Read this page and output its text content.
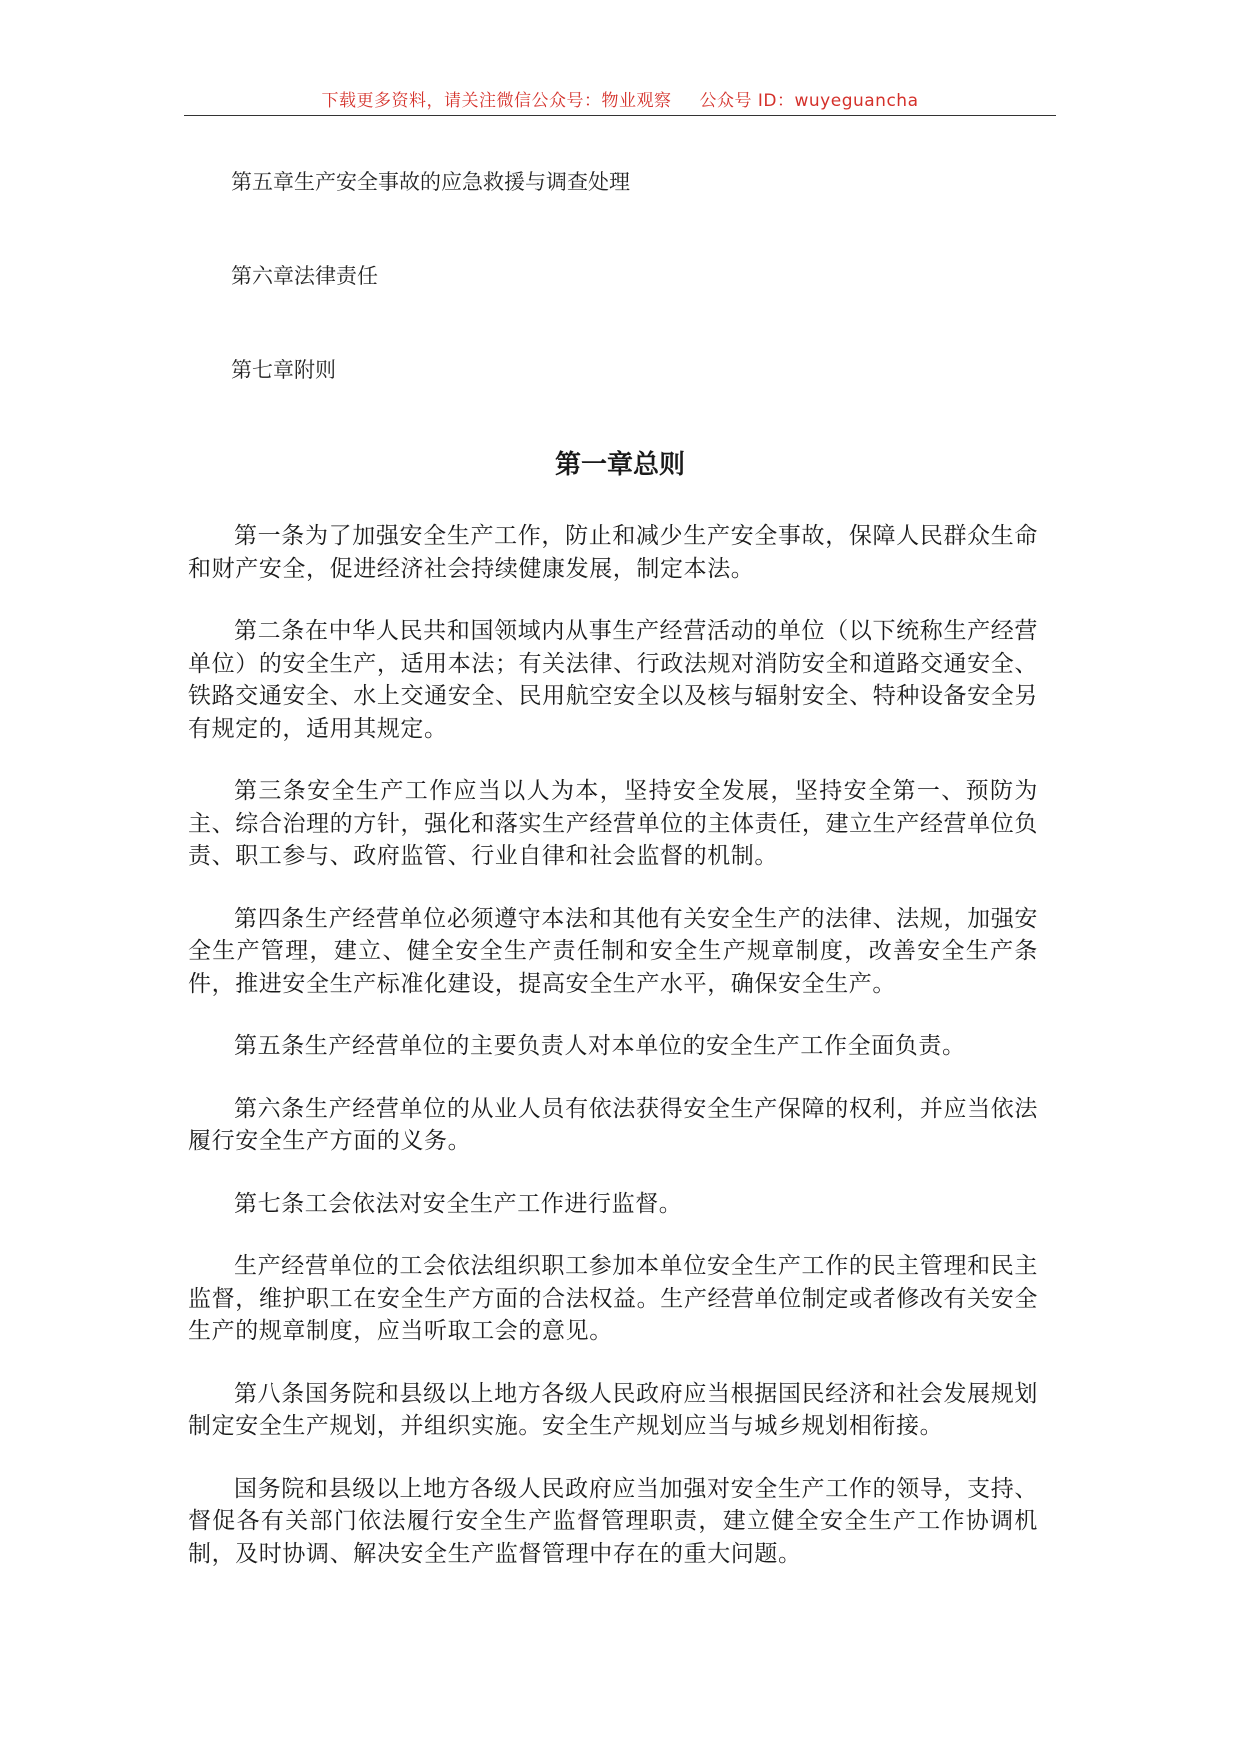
下载更多资料，请关注微信公众号：物业观察 公众号 ID：wuyeguancha
第五章生产安全事故的应急救援与调查处理
第六章法律责任
第七章附则
第一章总则

第一条为了加强安全生产工作，防止和减少生产安全事故，保障人民群众生命和财产安全，促进经济社会持续健康发展，制定本法。

第二条在中华人民共和国领域内从事生产经营活动的单位（以下统称生产经营单位）的安全生产，适用本法；有关法律、行政法规对消防安全和道路交通安全、铁路交通安全、水上交通安全、民用航空安全以及核与辐射安全、特种设备安全另有规定的，适用其规定。

第三条安全生产工作应当以人为本，坚持安全发展，坚持安全第一、预防为主、综合治理的方针，强化和落实生产经营单位的主体责任，建立生产经营单位负责、职工参与、政府监管、行业自律和社会监督的机制。

第四条生产经营单位必须遵守本法和其他有关安全生产的法律、法规，加强安全生产管理，建立、健全安全生产责任制和安全生产规章制度，改善安全生产条件，推进安全生产标准化建设，提高安全生产水平，确保安全生产。

第五条生产经营单位的主要负责人对本单位的安全生产工作全面负责。

第六条生产经营单位的从业人员有依法获得安全生产保障的权利，并应当依法履行安全生产方面的义务。

第七条工会依法对安全生产工作进行监督。

生产经营单位的工会依法组织职工参加本单位安全生产工作的民主管理和民主监督，维护职工在安全生产方面的合法权益。生产经营单位制定或者修改有关安全生产的规章制度，应当听取工会的意见。

第八条国务院和县级以上地方各级人民政府应当根据国民经济和社会发展规划制定安全生产规划，并组织实施。安全生产规划应当与城乡规划相衔接。

国务院和县级以上地方各级人民政府应当加强对安全生产工作的领导，支持、督促各有关部门依法履行安全生产监督管理职责，建立健全安全生产工作协调机制，及时协调、解决安全生产监督管理中存在的重大问题。
